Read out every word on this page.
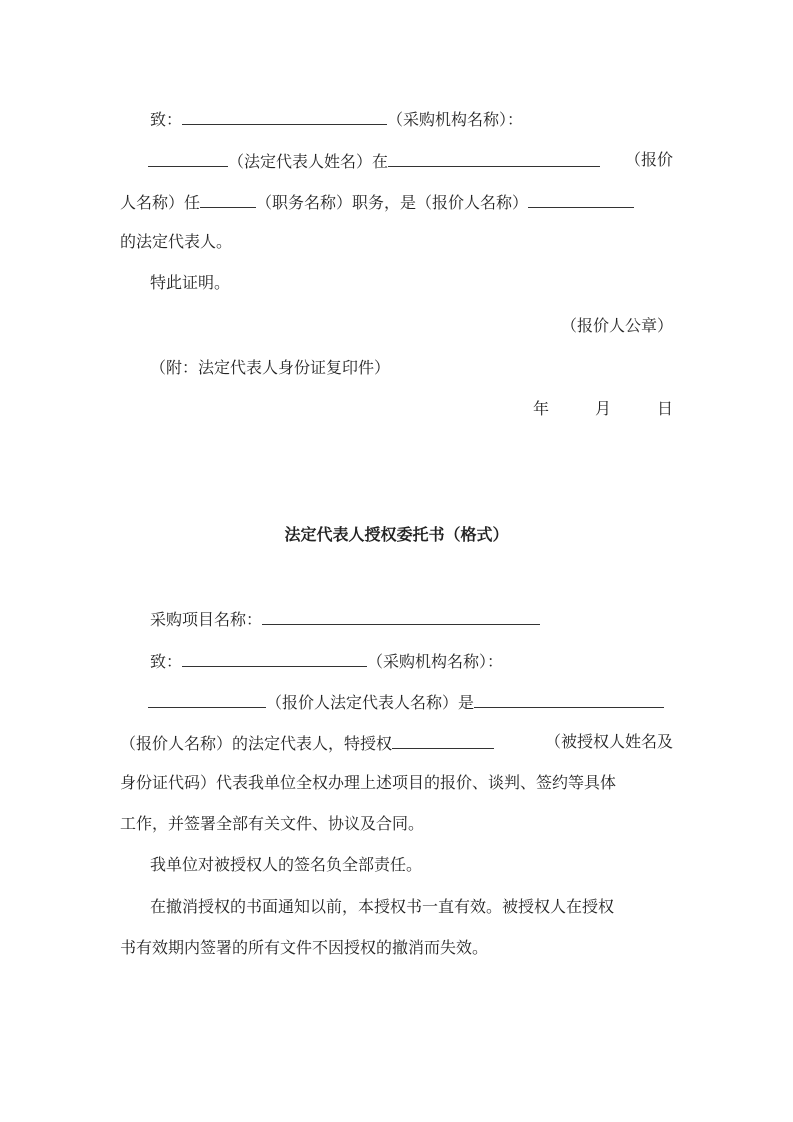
致：	（采购机构名称）：
（法定代表人姓名）在	（报价
人名称）任	（职务名称）职务，是（报价人名称）
的法定代表人。
特此证明。
（报价人公章）
（附：法定代表人身份证复印件）
年	月	日
法定代表人授权委托书（格式）
采购项目名称：
致：	（采购机构名称）：
（报价人法定代表人名称）是
（报价人名称）的法定代表人，特授权	（被授权人姓名及
身份证代码）代表我单位全权办理上述项目的报价、谈判、签约等具体
工作，并签署全部有关文件、协议及合同。
我单位对被授权人的签名负全部责任。
在撤消授权的书面通知以前，本授权书一直有效。被授权人在授权
书有效期内签署的所有文件不因授权的撤消而失效。
